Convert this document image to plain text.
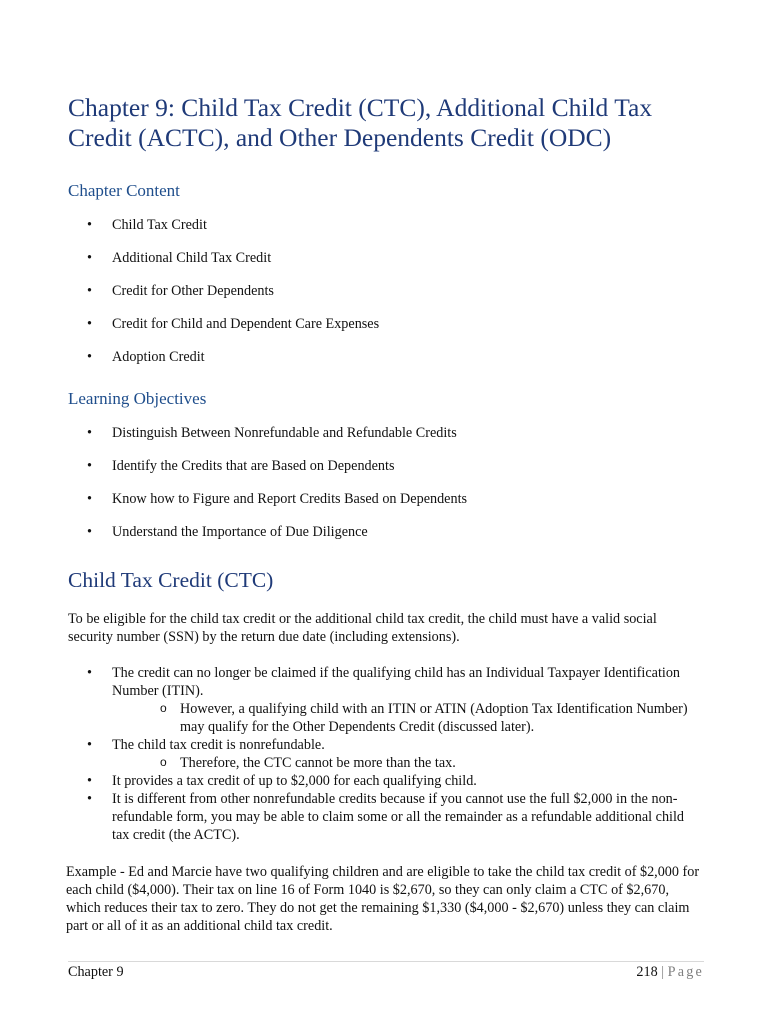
Chapter 9: Child Tax Credit (CTC), Additional Child Tax Credit (ACTC), and Other Dependents Credit (ODC)
Chapter Content
• Child Tax Credit
• Additional Child Tax Credit
• Credit for Other Dependents
• Credit for Child and Dependent Care Expenses
• Adoption Credit
Learning Objectives
• Distinguish Between Nonrefundable and Refundable Credits
• Identify the Credits that are Based on Dependents
• Know how to Figure and Report Credits Based on Dependents
• Understand the Importance of Due Diligence
Child Tax Credit (CTC)

To be eligible for the child tax credit or the additional child tax credit, the child must have a valid social security number (SSN) by the return due date (including extensions).

• The credit can no longer be claimed if the qualifying child has an Individual Taxpayer Identification Number (ITIN).
o However, a qualifying child with an ITIN or ATIN (Adoption Tax Identification Number) may qualify for the Other Dependents Credit (discussed later).
• The child tax credit is nonrefundable.
o Therefore, the CTC cannot be more than the tax.
• It provides a tax credit of up to $2,000 for each qualifying child.
• It is different from other nonrefundable credits because if you cannot use the full $2,000 in the non-refundable form, you may be able to claim some or all the remainder as a refundable additional child tax credit (the ACTC).

Example - Ed and Marcie have two qualifying children and are eligible to take the child tax credit of $2,000 for each child ($4,000). Their tax on line 16 of Form 1040 is $2,670, so they can only claim a CTC of $2,670, which reduces their tax to zero. They do not get the remaining $1,330 ($4,000 - $2,670) unless they can claim part or all of it as an additional child tax credit.

Chapter 9	218 | Page
